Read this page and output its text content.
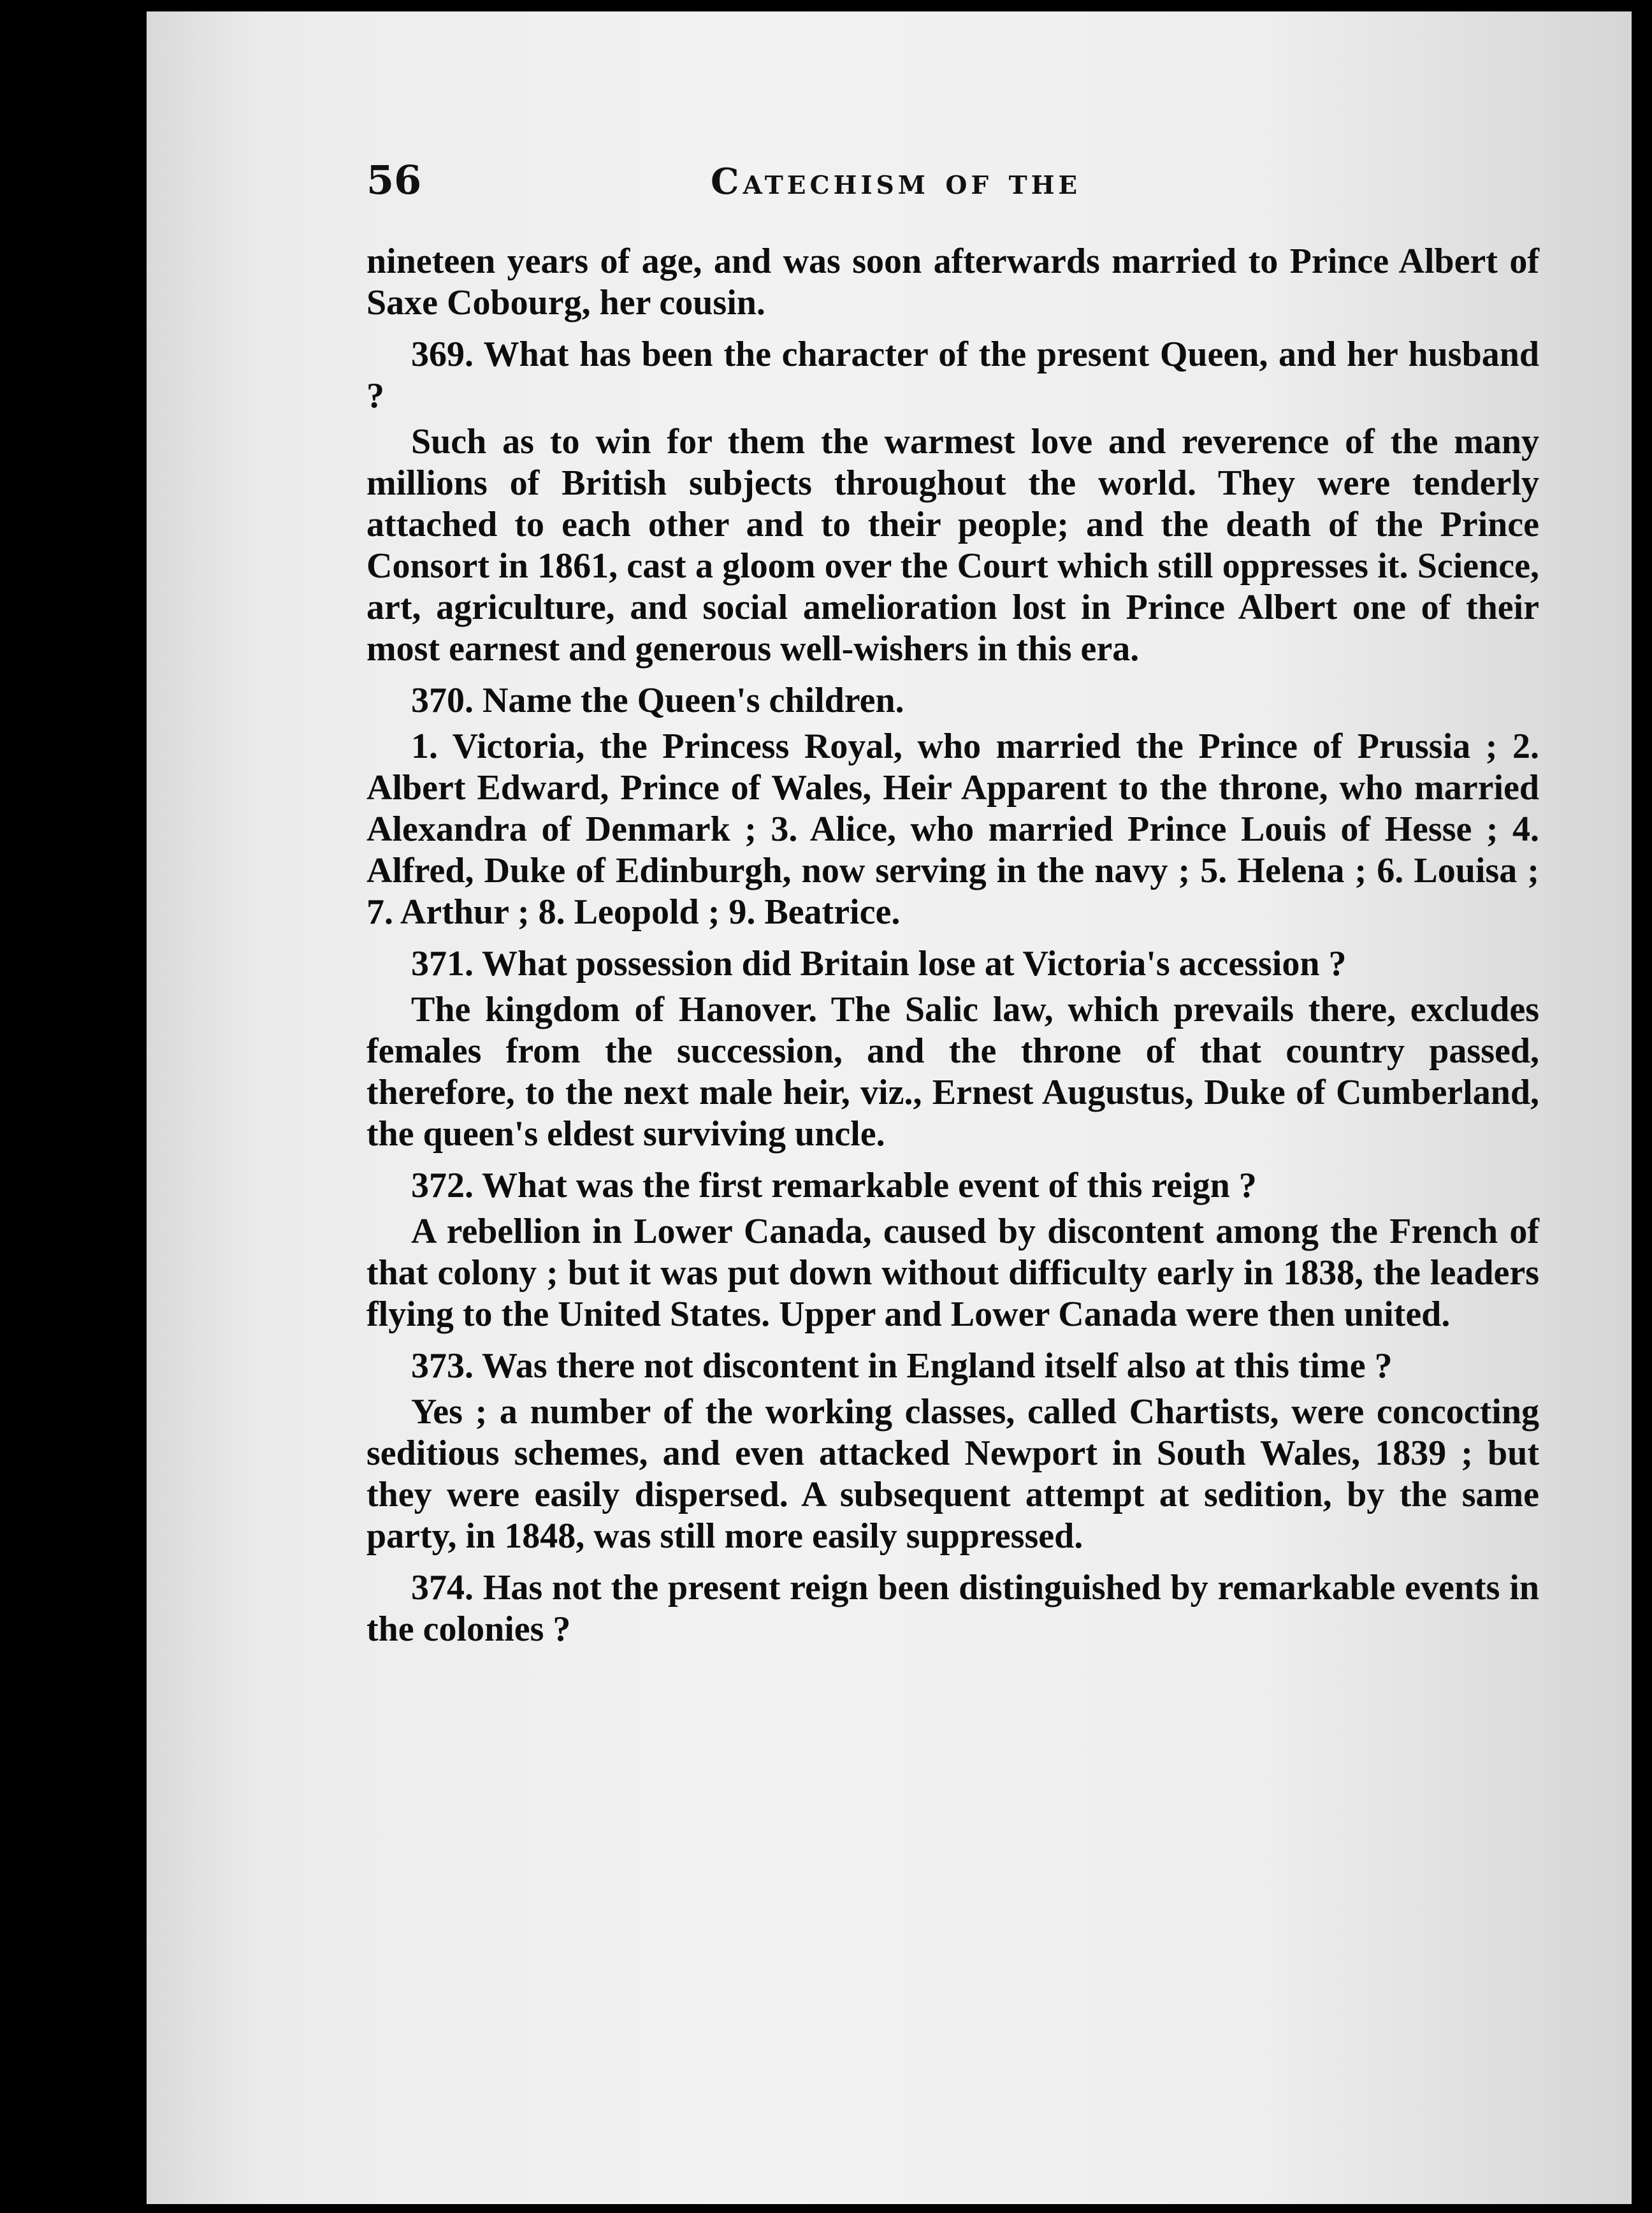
56	Catechism of the

nineteen years of age, and was soon afterwards married to Prince Albert of Saxe Cobourg, her cousin.

369. What has been the character of the present Queen, and her husband ?

Such as to win for them the warmest love and reverence of the many millions of British subjects throughout the world. They were tenderly attached to each other and to their people; and the death of the Prince Consort in 1861, cast a gloom over the Court which still oppresses it. Science, art, agriculture, and social amelioration lost in Prince Albert one of their most earnest and generous well-wishers in this era.

370. Name the Queen's children.

1. Victoria, the Princess Royal, who married the Prince of Prussia ; 2. Albert Edward, Prince of Wales, Heir Apparent to the throne, who married Alexandra of Denmark ; 3. Alice, who married Prince Louis of Hesse ; 4. Alfred, Duke of Edinburgh, now serving in the navy ; 5. Helena ; 6. Louisa ; 7. Arthur ; 8. Leopold ; 9. Beatrice.

371. What possession did Britain lose at Victoria's accession ?

The kingdom of Hanover. The Salic law, which prevails there, excludes females from the succession, and the throne of that country passed, therefore, to the next male heir, viz., Ernest Augustus, Duke of Cumberland, the queen's eldest surviving uncle.

372. What was the first remarkable event of this reign ?

A rebellion in Lower Canada, caused by discontent among the French of that colony ; but it was put down without difficulty early in 1838, the leaders flying to the United States. Upper and Lower Canada were then united.

373. Was there not discontent in England itself also at this time ?

Yes ; a number of the working classes, called Chartists, were concocting seditious schemes, and even attacked Newport in South Wales, 1839 ; but they were easily dispersed. A subsequent attempt at sedition, by the same party, in 1848, was still more easily suppressed.

374. Has not the present reign been distinguished by remarkable events in the colonies ?
